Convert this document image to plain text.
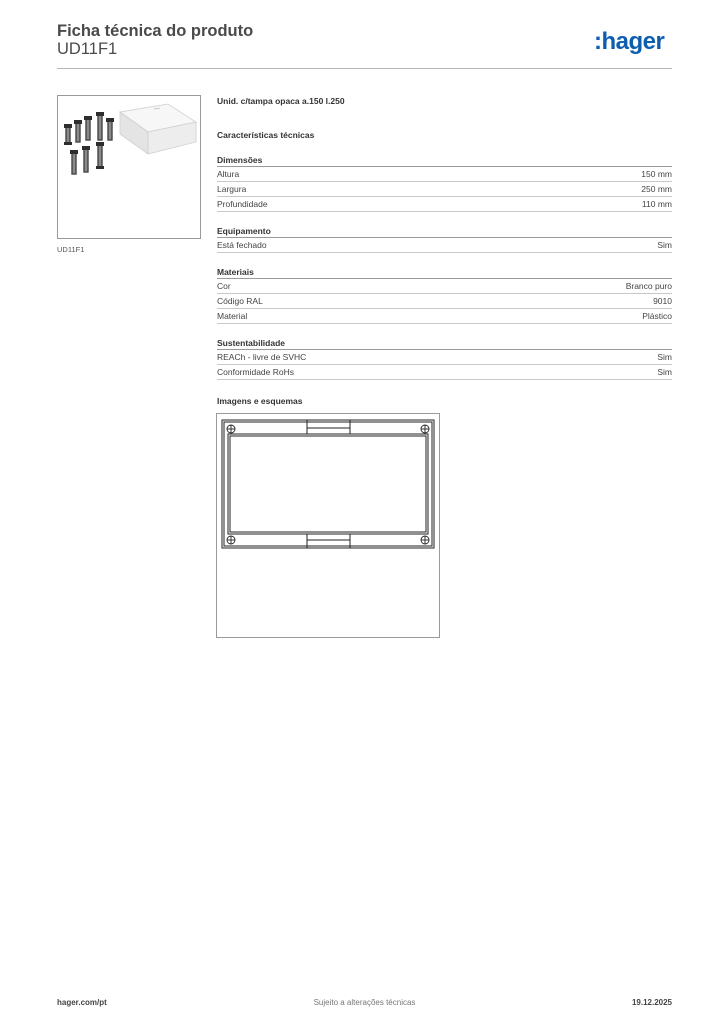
Ficha técnica do produto
UD11F1	:hager
UD11F1
Unid. c/tampa opaca a.150 l.250
Características técnicas
Dimensões
Altura	150 mm
Largura	250 mm
Profundidade	110 mm
Equipamento
Está fechado	Sim
Materiais
Cor	Branco puro
Código RAL	9010
Material	Plástico
Sustentabilidade
REACh - livre de SVHC	Sim
Conformidade RoHs	Sim
Imagens e esquemas
hager.com/pt	Sujeito a alterações técnicas	19.12.2025
